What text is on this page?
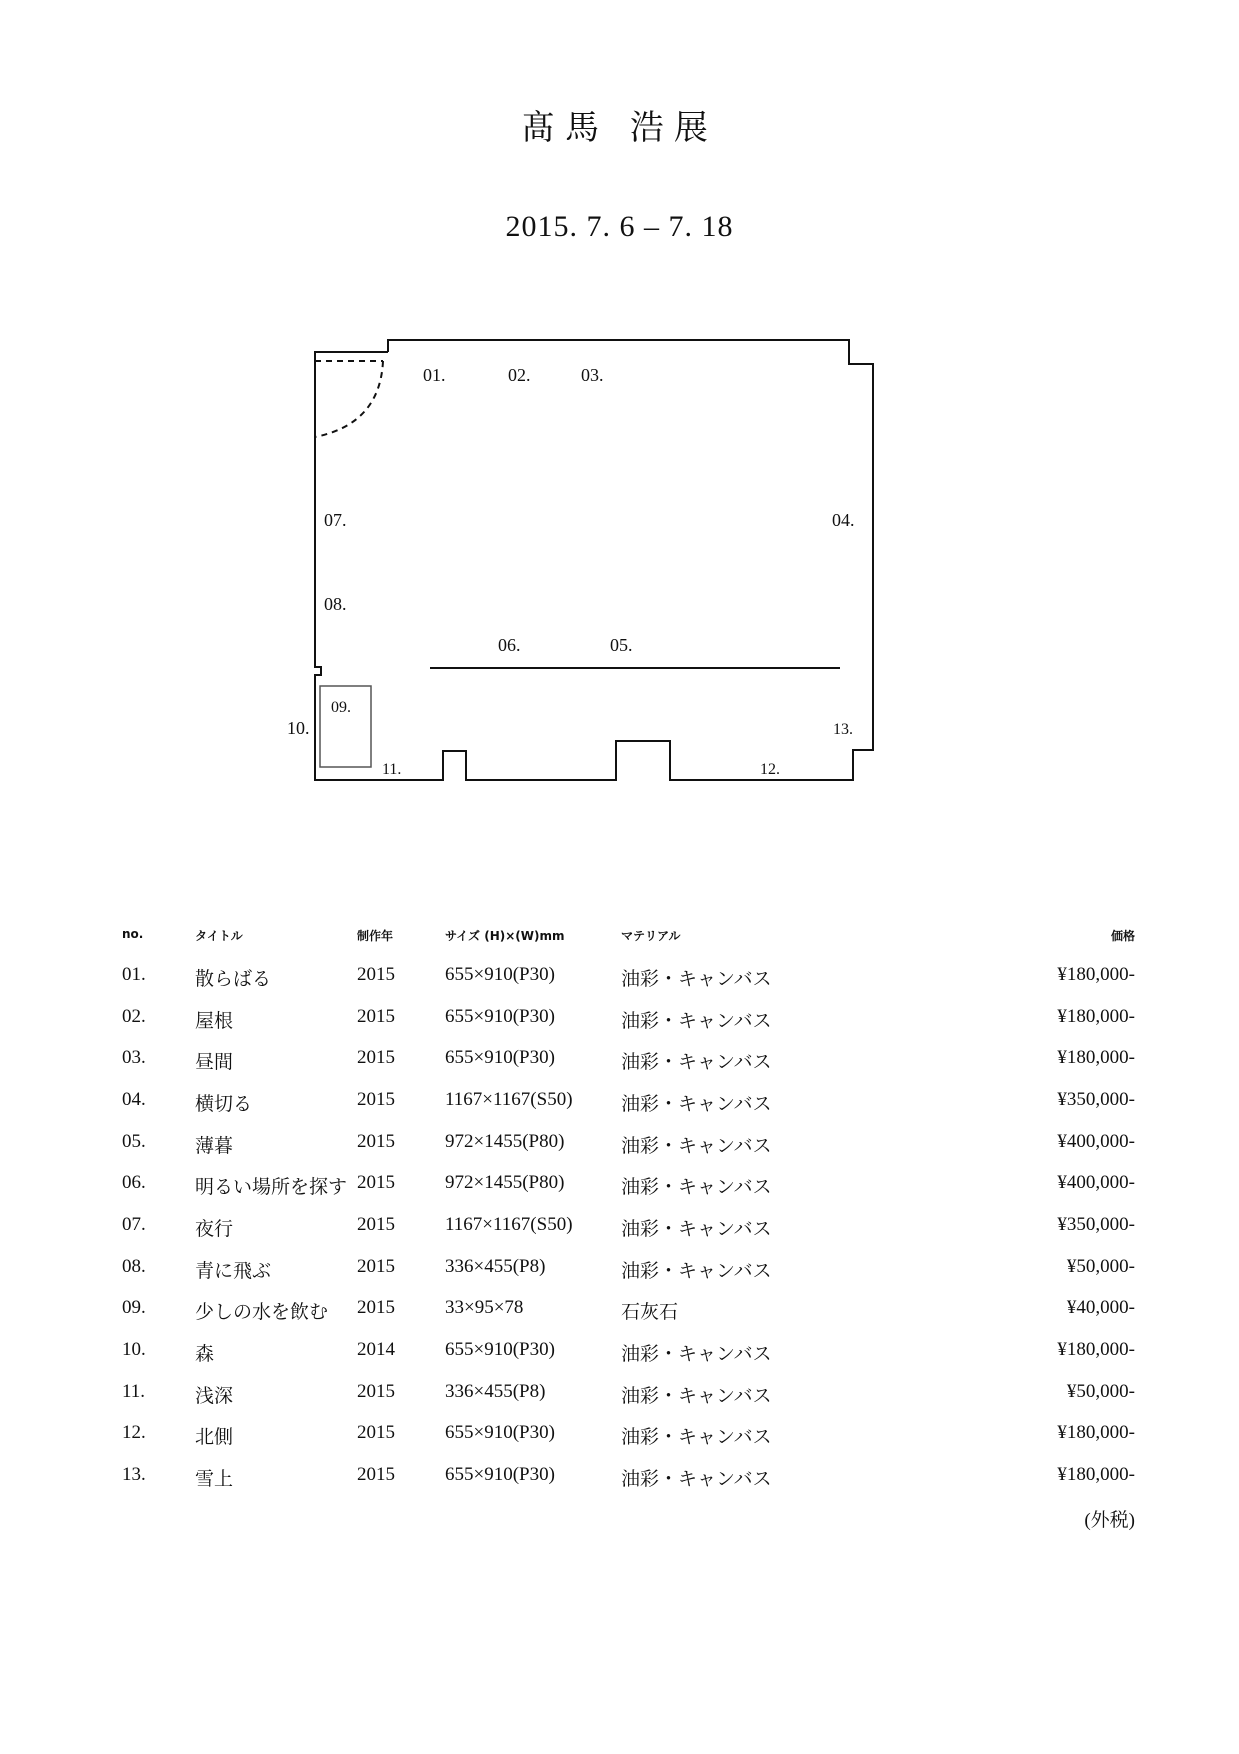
髙馬 浩展
2015. 7. 6 – 7. 18
01.	02.	03.
04.
05.
06.
07.
08.
09.
10.
11.	12.
13.
no.	タイトル	制作年	サイズ (H)×(W)mm	マテリアル	価格
01.	散らばる	2015	655×910(P30)	油彩・キャンバス	¥180,000-
02.	屋根	2015	655×910(P30)	油彩・キャンバス	¥180,000-
03.	昼間	2015	655×910(P30)	油彩・キャンバス	¥180,000-
04.	横切る	2015	1167×1167(S50)	油彩・キャンバス	¥350,000-
05.	薄暮	2015	972×1455(P80)	油彩・キャンバス	¥400,000-
06.	明るい場所を探す 2015	972×1455(P80)	油彩・キャンバス	¥400,000-
07.	夜行	2015	1167×1167(S50)	油彩・キャンバス	¥350,000-
08.	青に飛ぶ	2015	336×455(P8)	油彩・キャンバス	¥50,000-
09.	少しの水を飲む 2015	33×95×78	石灰石	¥40,000-
10.	森	2014	655×910(P30)	油彩・キャンバス	¥180,000-
11.	浅深	2015	336×455(P8)	油彩・キャンバス	¥50,000-
12.	北側	2015	655×910(P30)	油彩・キャンバス	¥180,000-
13.	雪上	2015	655×910(P30)	油彩・キャンバス	¥180,000-
(外税)
